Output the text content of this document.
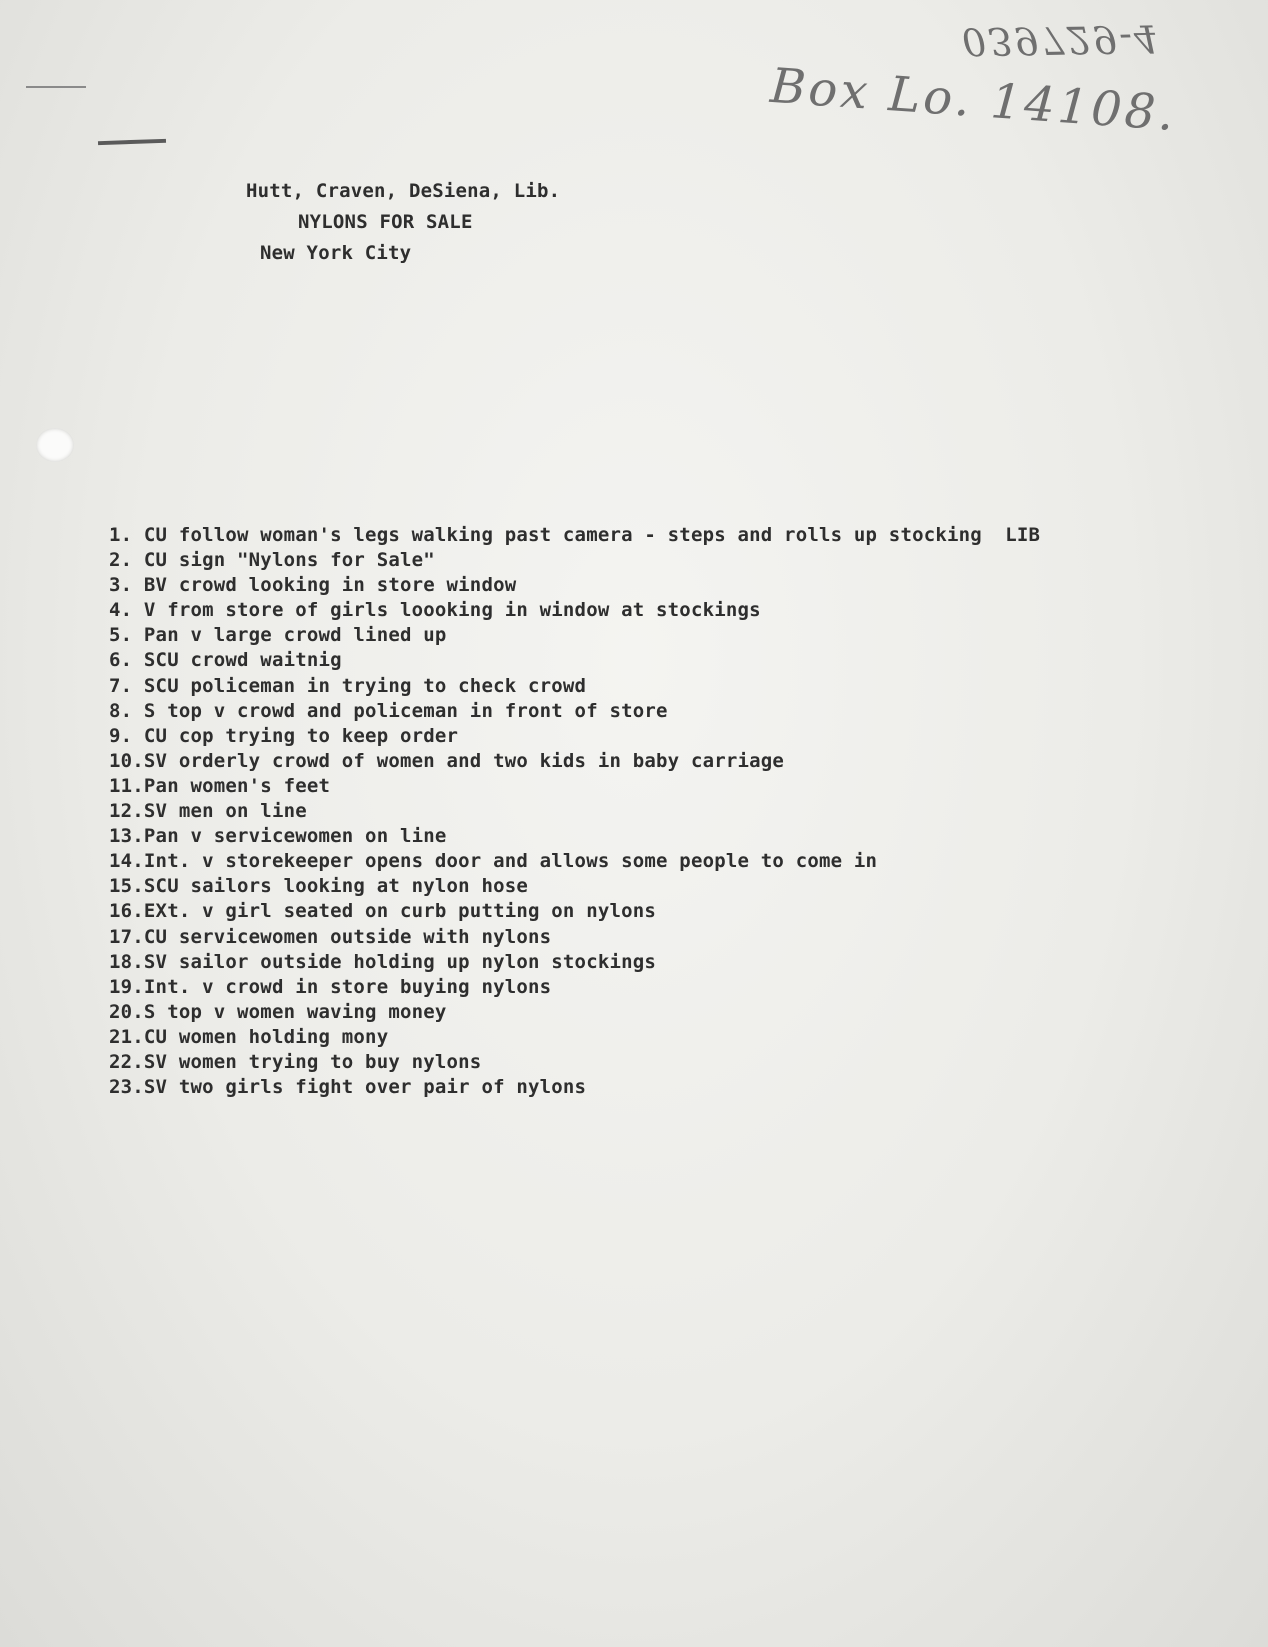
039729-4
Box Lo. 14108.
Hutt, Craven, DeSiena, Lib.
NYLONS FOR SALE
New York City
1. CU follow woman's legs walking past camera - steps and rolls up stocking  LIB
2. CU sign "Nylons for Sale"
3. BV crowd looking in store window
4. V from store of girls loooking in window at stockings
5. Pan v large crowd lined up
6. SCU crowd waitnig
7. SCU policeman in trying to check crowd
8. S top v crowd and policeman in front of store
9. CU cop trying to keep order
10.SV orderly crowd of women and two kids in baby carriage
11.Pan women's feet
12.SV men on line
13.Pan v servicewomen on line
14.Int. v storekeeper opens door and allows some people to come in
15.SCU sailors looking at nylon hose
16.EXt. v girl seated on curb putting on nylons
17.CU servicewomen outside with nylons
18.SV sailor outside holding up nylon stockings
19.Int. v crowd in store buying nylons
20.S top v women waving money
21.CU women holding mony
22.SV women trying to buy nylons
23.SV two girls fight over pair of nylons
